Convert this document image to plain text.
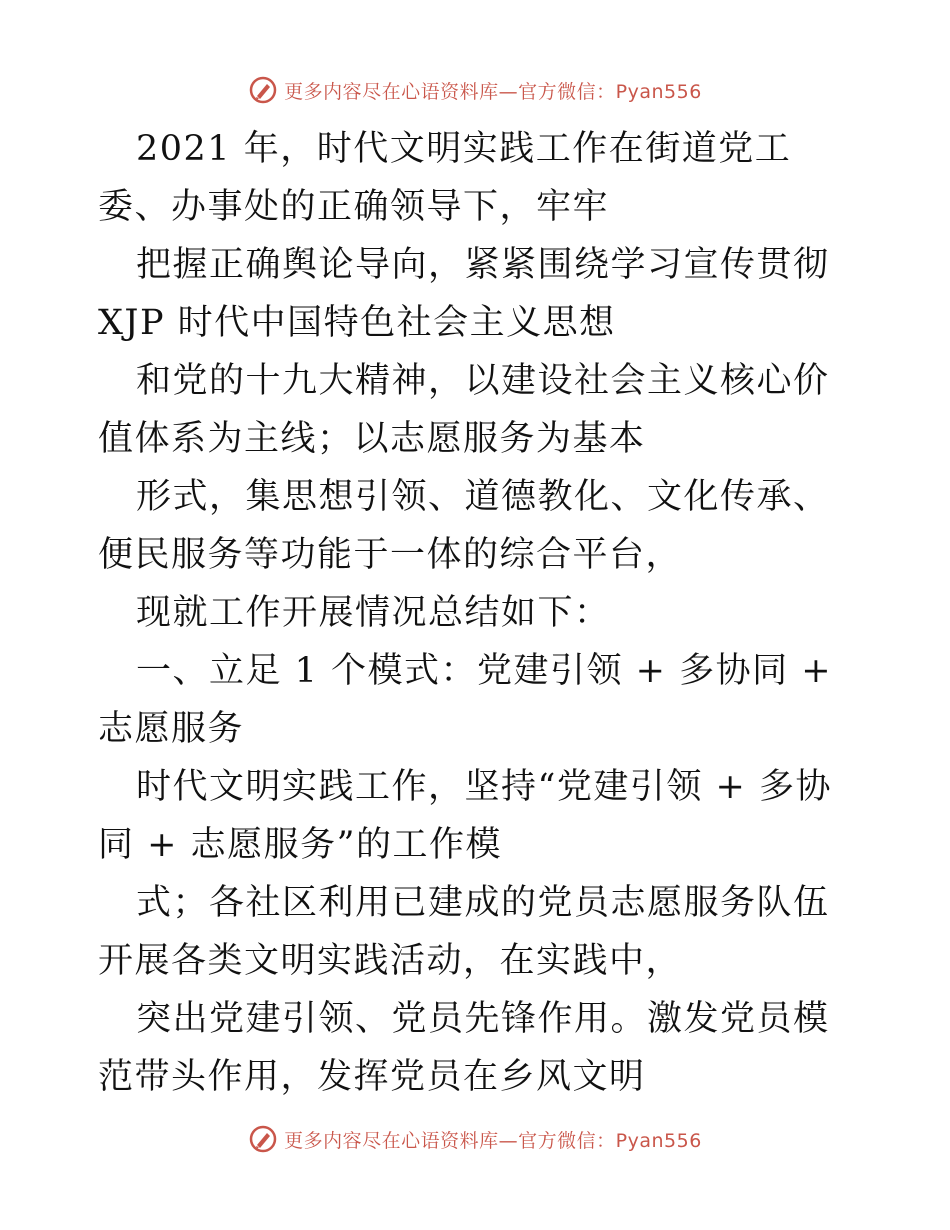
更多内容尽在心语资料库—官方微信：Pyan556

2021 年，时代文明实践工作在街道党工委、办事处的正确领导下，牢牢

把握正确舆论导向，紧紧围绕学习宣传贯彻 XJP 时代中国特色社会主义思想

和党的十九大精神，以建设社会主义核心价值体系为主线；以志愿服务为基本

形式，集思想引领、道德教化、文化传承、便民服务等功能于一体的综合平台，

现就工作开展情况总结如下：

一、立足 1 个模式：党建引领 + 多协同 + 志愿服务

时代文明实践工作，坚持“党建引领 + 多协同 + 志愿服务”的工作模

式；各社区利用已建成的党员志愿服务队伍开展各类文明实践活动，在实践中，

突出党建引领、党员先锋作用。激发党员模范带头作用，发挥党员在乡风文明

更多内容尽在心语资料库—官方微信：Pyan556
